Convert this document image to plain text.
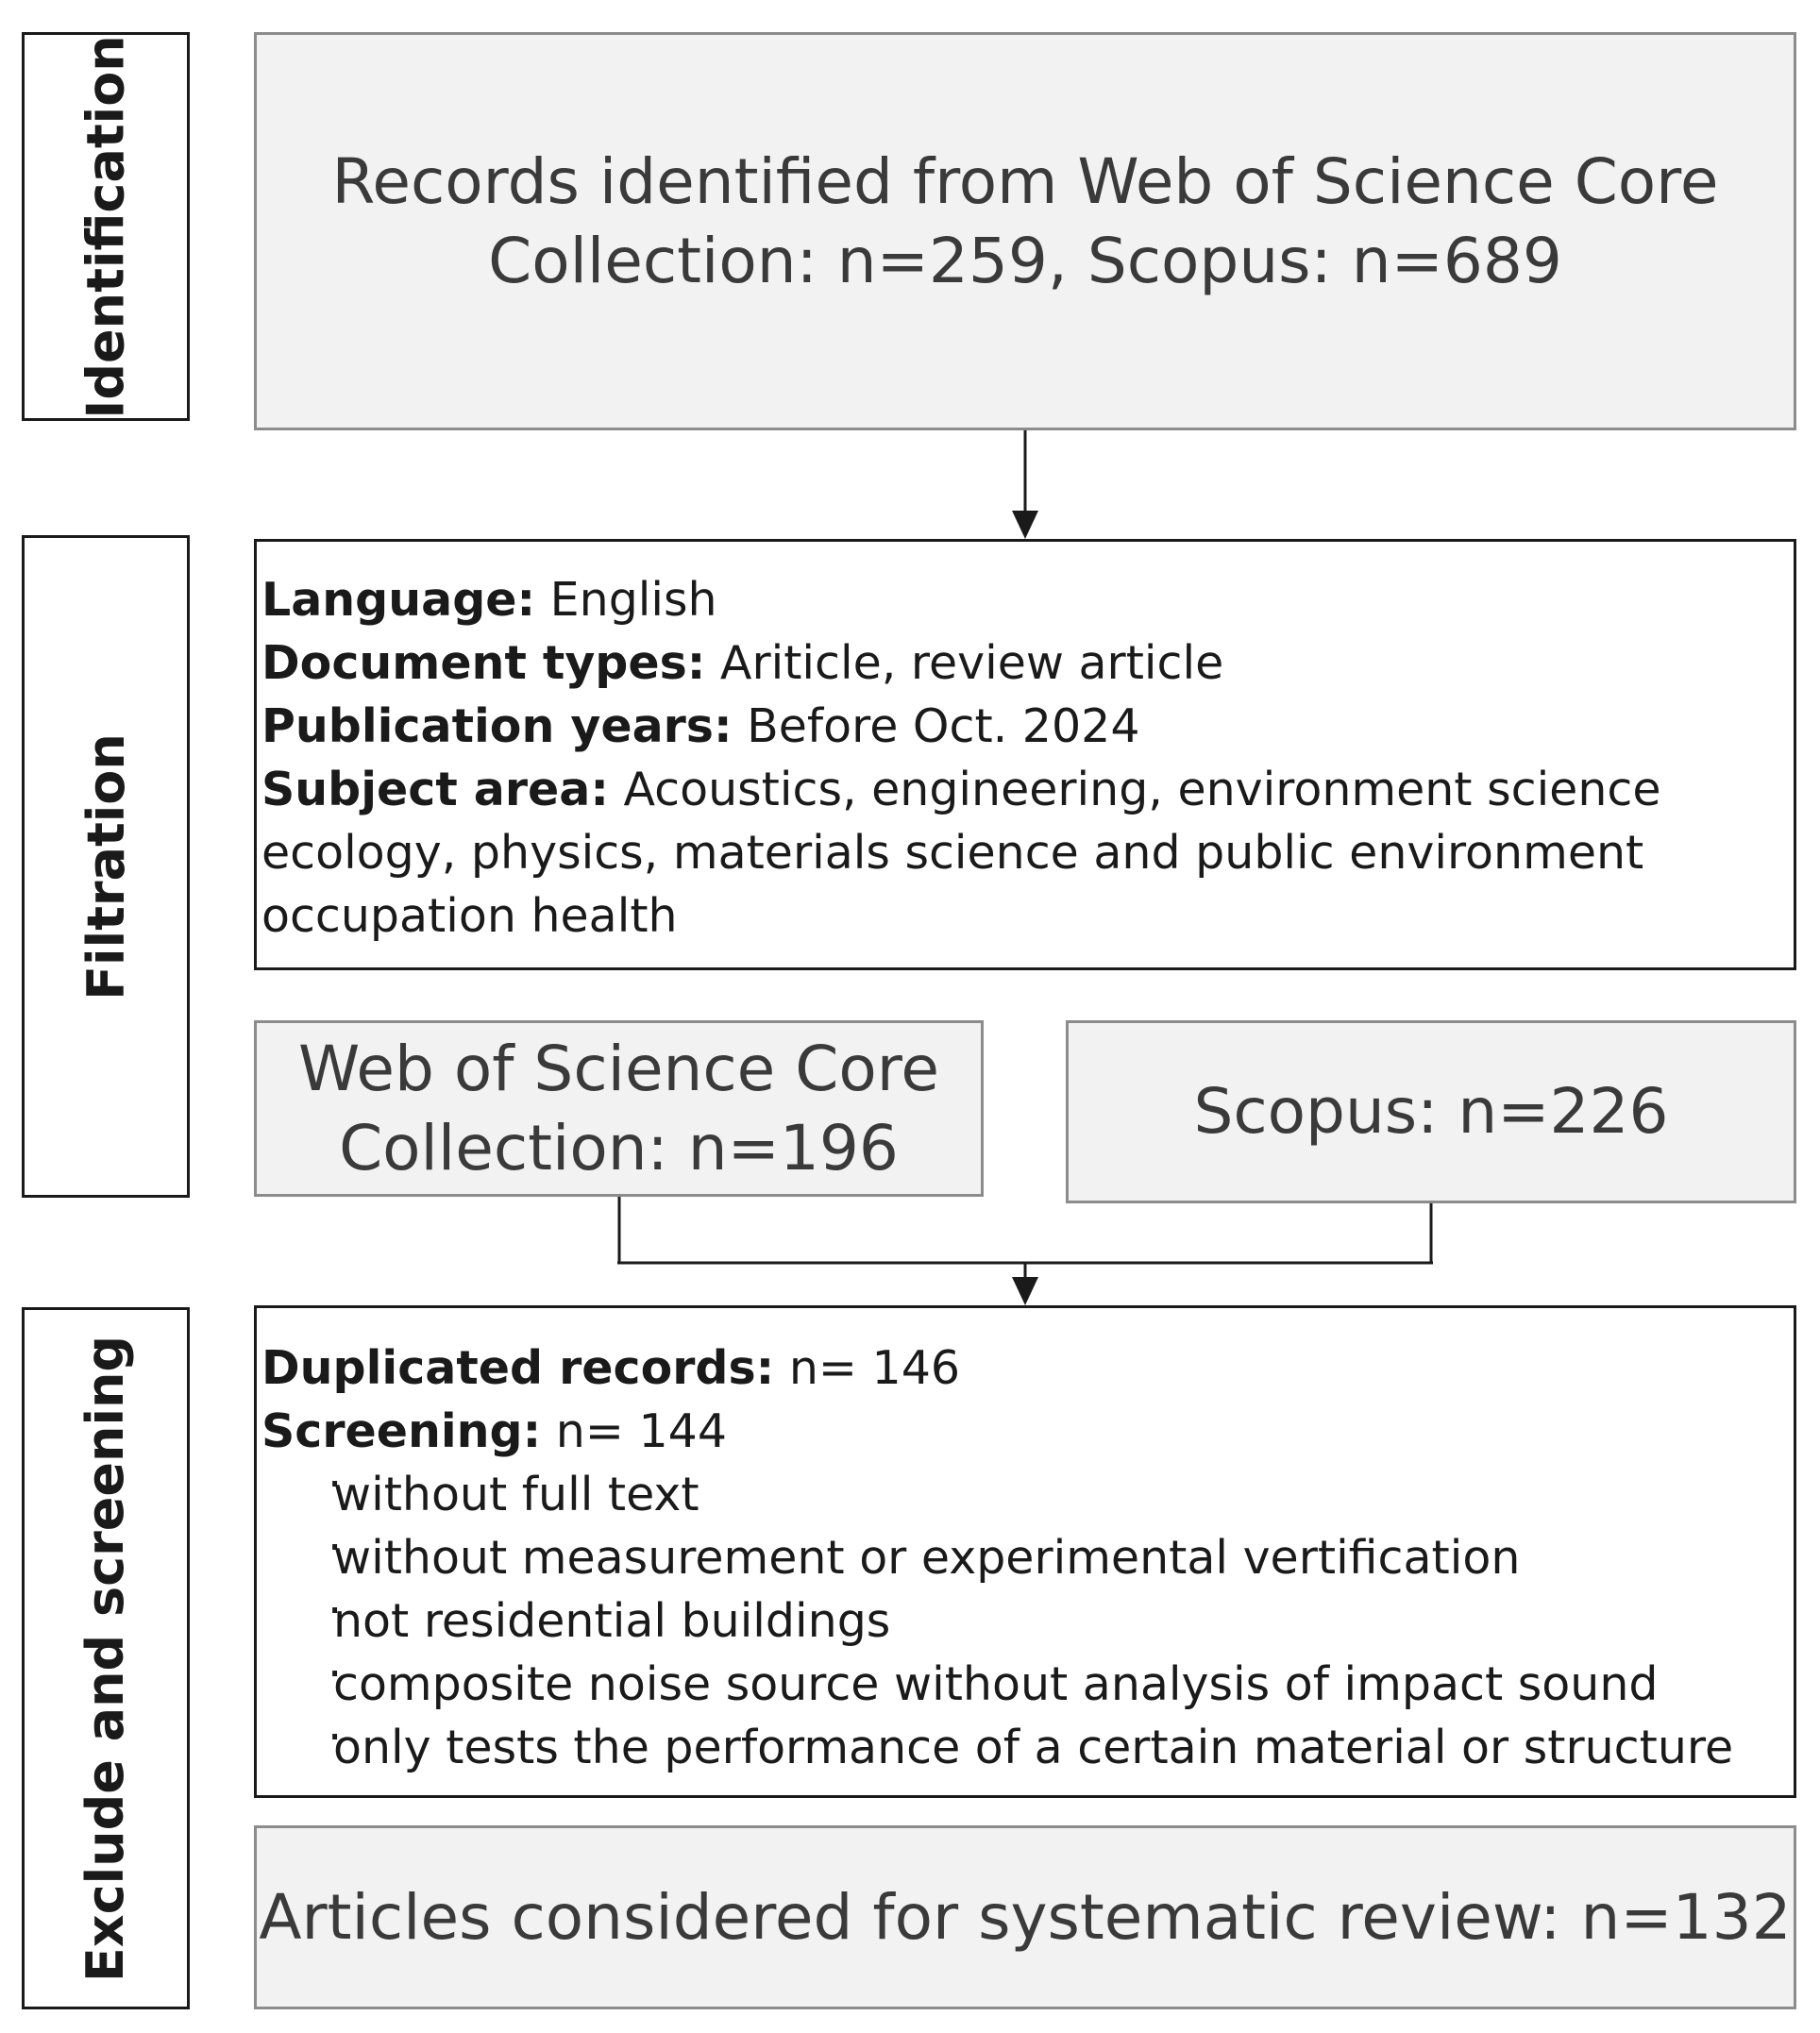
Identification
Filtration
Exclude and screening
Records identified from Web of Science Core
Collection: n=259, Scopus: n=689
Language: English
Document types: Ariticle, review article
Publication years: Before Oct. 2024
Subject area: Acoustics, engineering, environment science
ecology, physics, materials science and public environment
occupation health
Web of Science Core
Collection: n=196	Scopus: n=226
Duplicated records: n= 146
Screening: n= 144
· without full text
· without measurement or experimental vertification
· not residential buildings
· composite noise source without analysis of impact sound
· only tests the performance of a certain material or structure
Articles considered for systematic review: n=132
